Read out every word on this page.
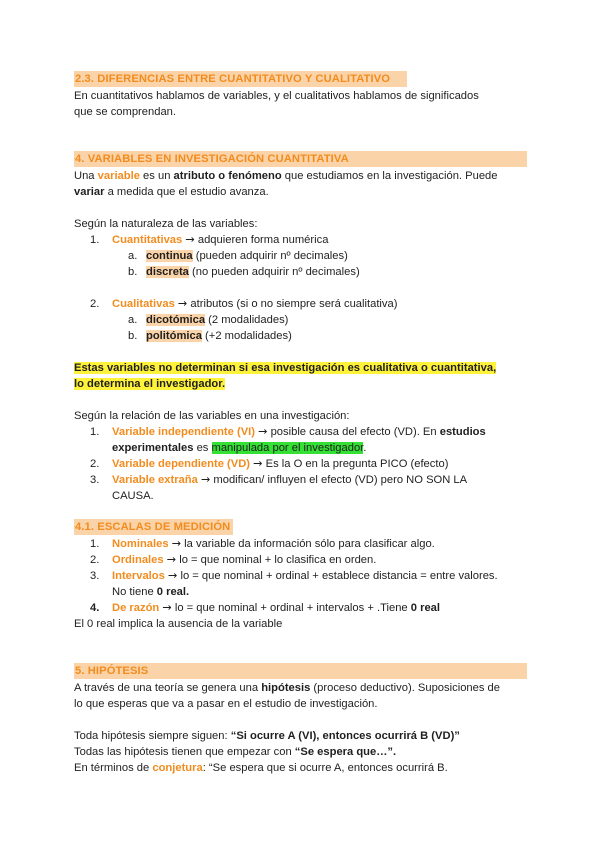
2.3. DIFERENCIAS ENTRE CUANTITATIVO Y CUALITATIVO
En cuantitativos hablamos de variables, y el cualitativos hablamos de significados
que se comprendan.
4. VARIABLES EN INVESTIGACIÓN CUANTITATIVA
Una variable es un atributo o fenómeno que estudiamos en la investigación. Puede
variar a medida que el estudio avanza.
Según la naturaleza de las variables:
1. Cuantitativas → adquieren forma numérica
a. continua (pueden adquirir nº decimales)
b. discreta (no pueden adquirir nº decimales)
2. Cualitativas → atributos (si o no siempre será cualitativa)
a. dicotómica (2 modalidades)
b. politómica (+2 modalidades)
Estas variables no determinan si esa investigación es cualitativa o cuantitativa,
lo determina el investigador.
Según la relación de las variables en una investigación:
1. Variable independiente (VI) → posible causa del efecto (VD). En estudios
experimentales es manipulada por el investigador.
2. Variable dependiente (VD) → Es la O en la pregunta PICO (efecto)
3. Variable extraña → modifican/ influyen el efecto (VD) pero NO SON LA
CAUSA.
4.1. ESCALAS DE MEDICIÓN
1. Nominales → la variable da información sólo para clasificar algo.
2. Ordinales → lo = que nominal + lo clasifica en orden.
3. Intervalos → lo = que nominal + ordinal + establece distancia = entre valores.
No tiene 0 real.
4. De razón → lo = que nominal + ordinal + intervalos + .Tiene 0 real
El 0 real implica la ausencia de la variable
5. HIPÓTESIS
A través de una teoría se genera una hipótesis (proceso deductivo). Suposiciones de
lo que esperas que va a pasar en el estudio de investigación.
Toda hipótesis siempre siguen: “Si ocurre A (VI), entonces ocurrirá B (VD)”
Todas las hipótesis tienen que empezar con “Se espera que…”.
En términos de conjetura: “Se espera que si ocurre A, entonces ocurrirá B.
